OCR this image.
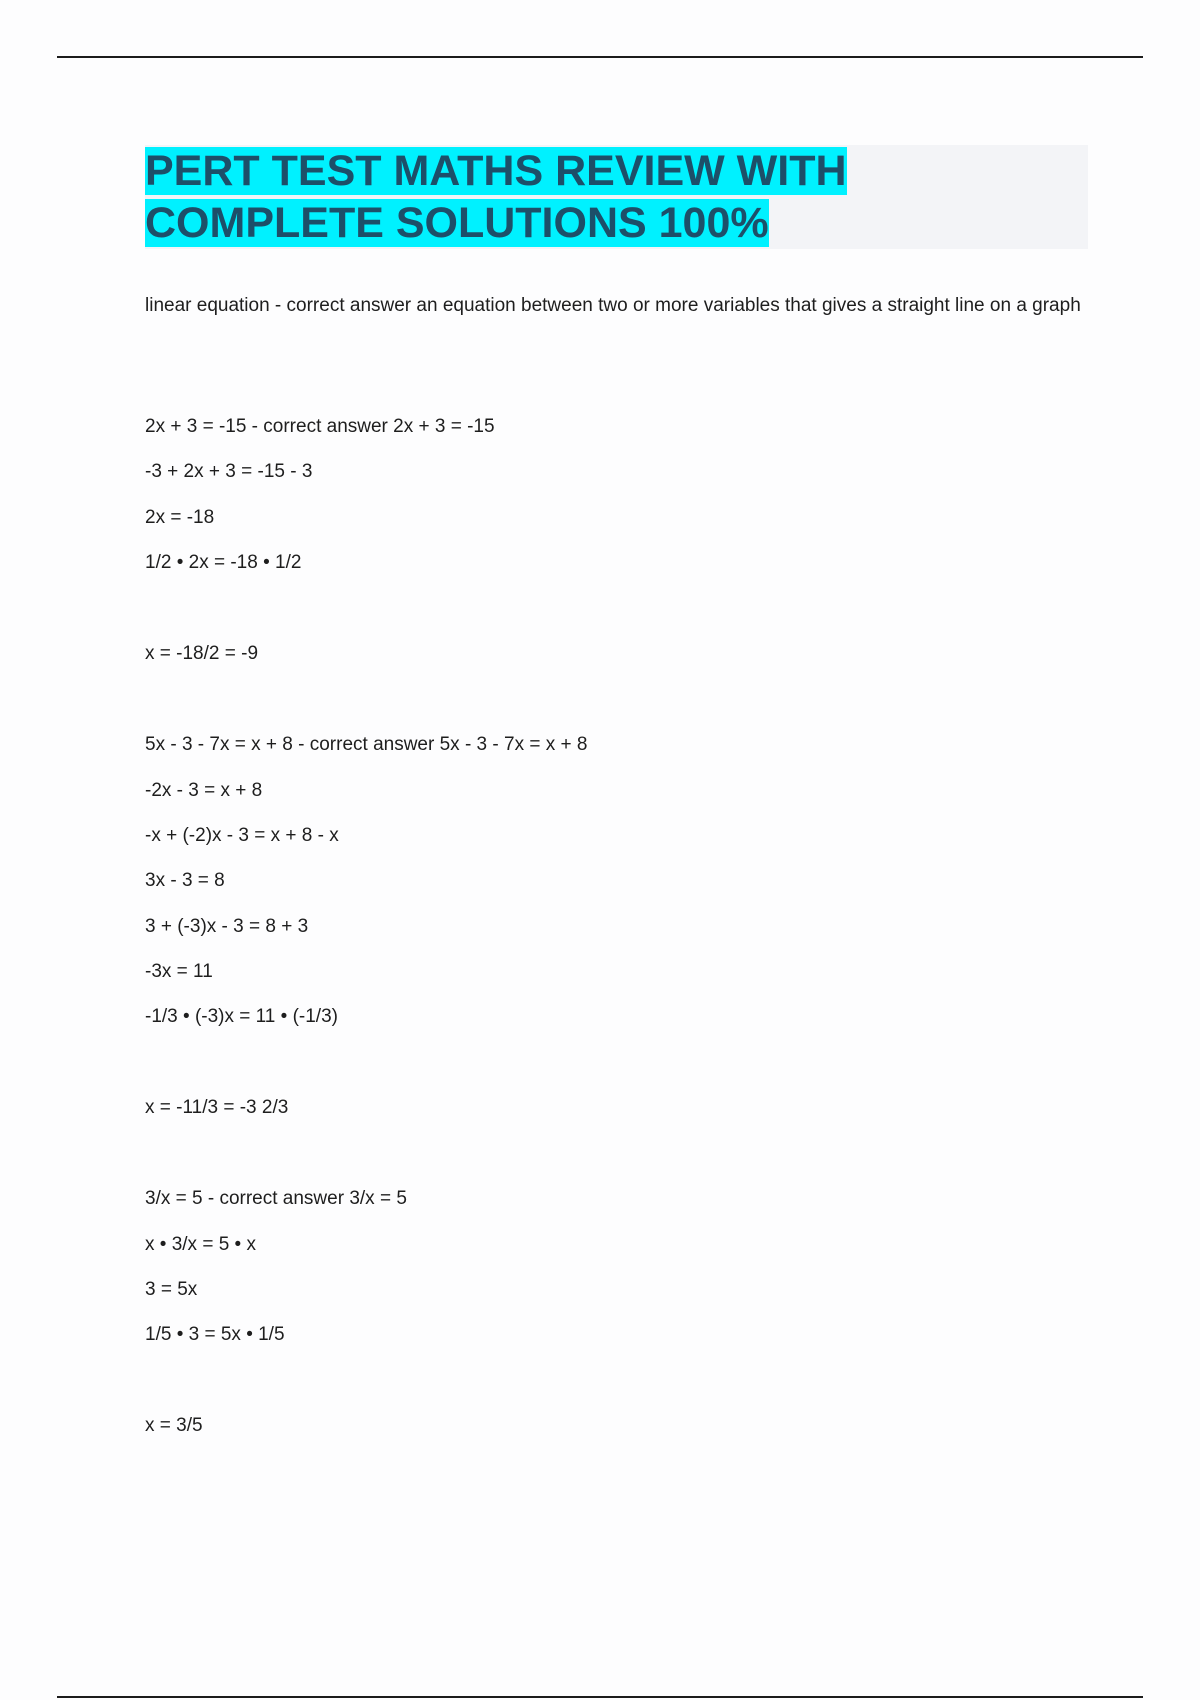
PERT TEST MATHS REVIEW WITH
COMPLETE SOLUTIONS 100%

linear equation - correct answer an equation between two or more variables that gives a straight line on a graph

2x + 3 = -15 - correct answer 2x + 3 = -15

-3 + 2x + 3 = -15 - 3

2x = -18

1/2 • 2x = -18 • 1/2

x = -18/2 = -9

5x - 3 - 7x = x + 8 - correct answer 5x - 3 - 7x = x + 8

-2x - 3 = x + 8

-x + (-2)x - 3 = x + 8 - x

3x - 3 = 8

3 + (-3)x - 3 = 8 + 3

-3x = 11

-1/3 • (-3)x = 11 • (-1/3)

x = -11/3 = -3 2/3

3/x = 5 - correct answer 3/x = 5

x • 3/x = 5 • x

3 = 5x

1/5 • 3 = 5x • 1/5

x = 3/5
